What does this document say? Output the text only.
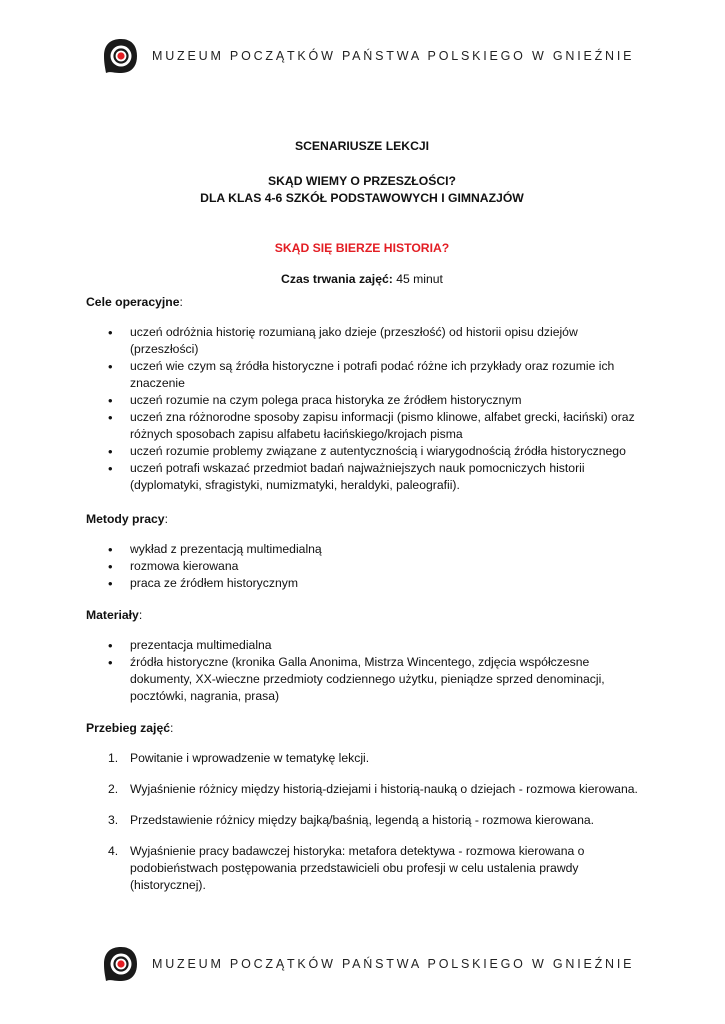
MUZEUM POCZĄTKÓW PAŃSTWA POLSKIEGO W GNIEŹNIE
SCENARIUSZE LEKCJI
SKĄD WIEMY O PRZESZŁOŚCI?
DLA KLAS 4-6 SZKÓŁ PODSTAWOWYCH I GIMNAZJÓW
SKĄD SIĘ BIERZE HISTORIA?
Czas trwania zajęć: 45 minut
Cele operacyjne:
• uczeń odróżnia historię rozumianą jako dzieje (przeszłość) od historii opisu dziejów (przeszłości)
• uczeń wie czym są źródła historyczne i potrafi podać różne ich przykłady oraz rozumie ich znaczenie
• uczeń rozumie na czym polega praca historyka ze źródłem historycznym
• uczeń zna różnorodne sposoby zapisu informacji (pismo klinowe, alfabet grecki, łaciński) oraz różnych sposobach zapisu alfabetu łacińskiego/krojach pisma
• uczeń rozumie problemy związane z autentycznością i wiarygodnością źródła historycznego
• uczeń potrafi wskazać przedmiot badań najważniejszych nauk pomocniczych historii (dyplomatyki, sfragistyki, numizmatyki, heraldyki, paleografii).
Metody pracy:
• wykład z prezentacją multimedialną
• rozmowa kierowana
• praca ze źródłem historycznym
Materiały:
• prezentacja multimedialna
• źródła historyczne (kronika Galla Anonima, Mistrza Wincentego, zdjęcia współczesne dokumenty, XX-wieczne przedmioty codziennego użytku, pieniądze sprzed denominacji, pocztówki, nagrania, prasa)
Przebieg zajęć:
1. Powitanie i wprowadzenie w tematykę lekcji.
2. Wyjaśnienie różnicy między historią-dziejami i historią-nauką o dziejach - rozmowa kierowana.
3. Przedstawienie różnicy między bajką/baśnią, legendą a historią - rozmowa kierowana.
4. Wyjaśnienie pracy badawczej historyka: metafora detektywa - rozmowa kierowana o podobieństwach postępowania przedstawicieli obu profesji w celu ustalenia prawdy (historycznej).
MUZEUM POCZĄTKÓW PAŃSTWA POLSKIEGO W GNIEŹNIE
